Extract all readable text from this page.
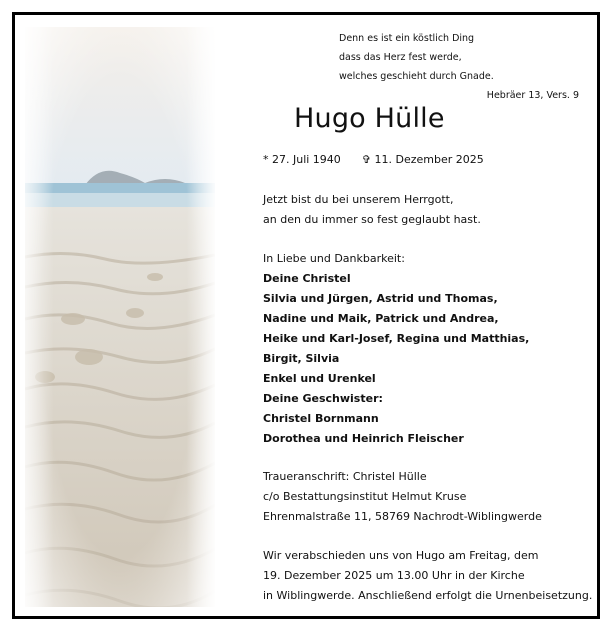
Denn es ist ein köstlich Ding
dass das Herz fest werde,
welches geschieht durch Gnade.
Hebräer 13, Vers. 9
Hugo Hülle
* 27. Juli 1940 ✞ 11. Dezember 2025
Jetzt bist du bei unserem Herrgott,
an den du immer so fest geglaubt hast.
In Liebe und Dankbarkeit:
Deine Christel
Silvia und Jürgen, Astrid und Thomas,
Nadine und Maik, Patrick und Andrea,
Heike und Karl-Josef, Regina und Matthias,
Birgit, Silvia
Enkel und Urenkel
Deine Geschwister:
Christel Bornmann
Dorothea und Heinrich Fleischer
Traueranschrift: Christel Hülle
c/o Bestattungsinstitut Helmut Kruse
Ehrenmalstraße 11, 58769 Nachrodt-Wiblingwerde
Wir verabschieden uns von Hugo am Freitag, dem
19. Dezember 2025 um 13.00 Uhr in der Kirche
in Wiblingwerde. Anschließend erfolgt die Urnenbeisetzung.
